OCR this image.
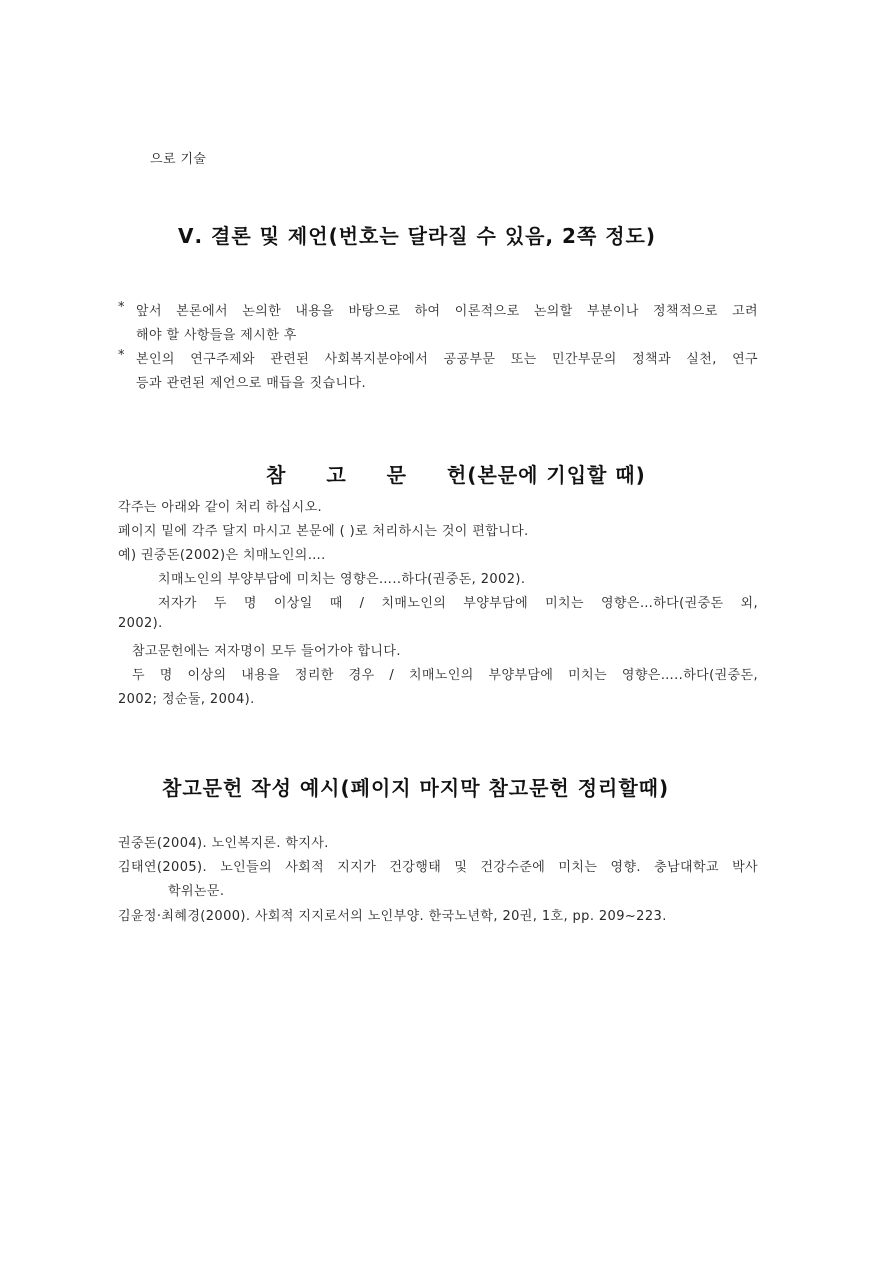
으로 기술
Ⅴ. 결론 및 제언(번호는 달라질 수 있음, 2쪽 정도)
* 앞서 본론에서 논의한 내용을 바탕으로 하여 이론적으로 논의할 부분이나 정책적으로 고려
해야 할 사항들을 제시한 후
* 본인의 연구주제와 관련된 사회복지분야에서 공공부문 또는 민간부문의 정책과 실천, 연구
등과 관련된 제언으로 매듭을 짓습니다.
참 고 문 헌(본문에 기입할 때)
각주는 아래와 같이 처리 하십시오.
페이지 밑에 각주 달지 마시고 본문에 ( )로 처리하시는 것이 편합니다.
예) 권중돈(2002)은 치매노인의….
치매노인의 부양부담에 미치는 영향은…..하다(권중돈, 2002).
저자가 두 명 이상일 때 / 치매노인의 부양부담에 미치는 영향은…하다(권중돈 외,
2002).
참고문헌에는 저자명이 모두 들어가야 합니다.
두 명 이상의 내용을 정리한 경우 / 치매노인의 부양부담에 미치는 영향은…..하다(권중돈,
2002; 정순둘, 2004).
참고문헌 작성 예시(페이지 마지막 참고문헌 정리할때)
권중돈(2004). 노인복지론. 학지사.
김태연(2005). 노인들의 사회적 지지가 건강행태 및 건강수준에 미치는 영향. 충남대학교 박사
학위논문.
김윤정·최혜경(2000). 사회적 지지로서의 노인부양. 한국노년학, 20권, 1호, pp. 209~223.
